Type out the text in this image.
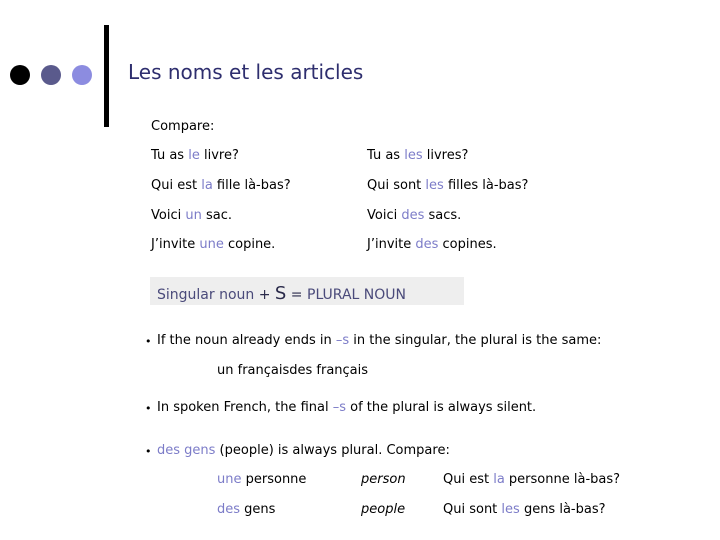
Les noms et les articles
Compare:
Tu as le livre?	Tu as les livres?
Qui est la fille là-bas?	Qui sont les filles là-bas?
Voici un sac.	Voici des sacs.
J’invite une copine.	J’invite des copines.
Singular noun + S = PLURAL NOUN
• If the noun already ends in –s in the singular, the plural is the same:
un françaisdes français
• In spoken French, the final –s of the plural is always silent.
• des gens (people) is always plural. Compare:
une personne	person	Qui est la personne là-bas?
des gens	people	Qui sont les gens là-bas?
